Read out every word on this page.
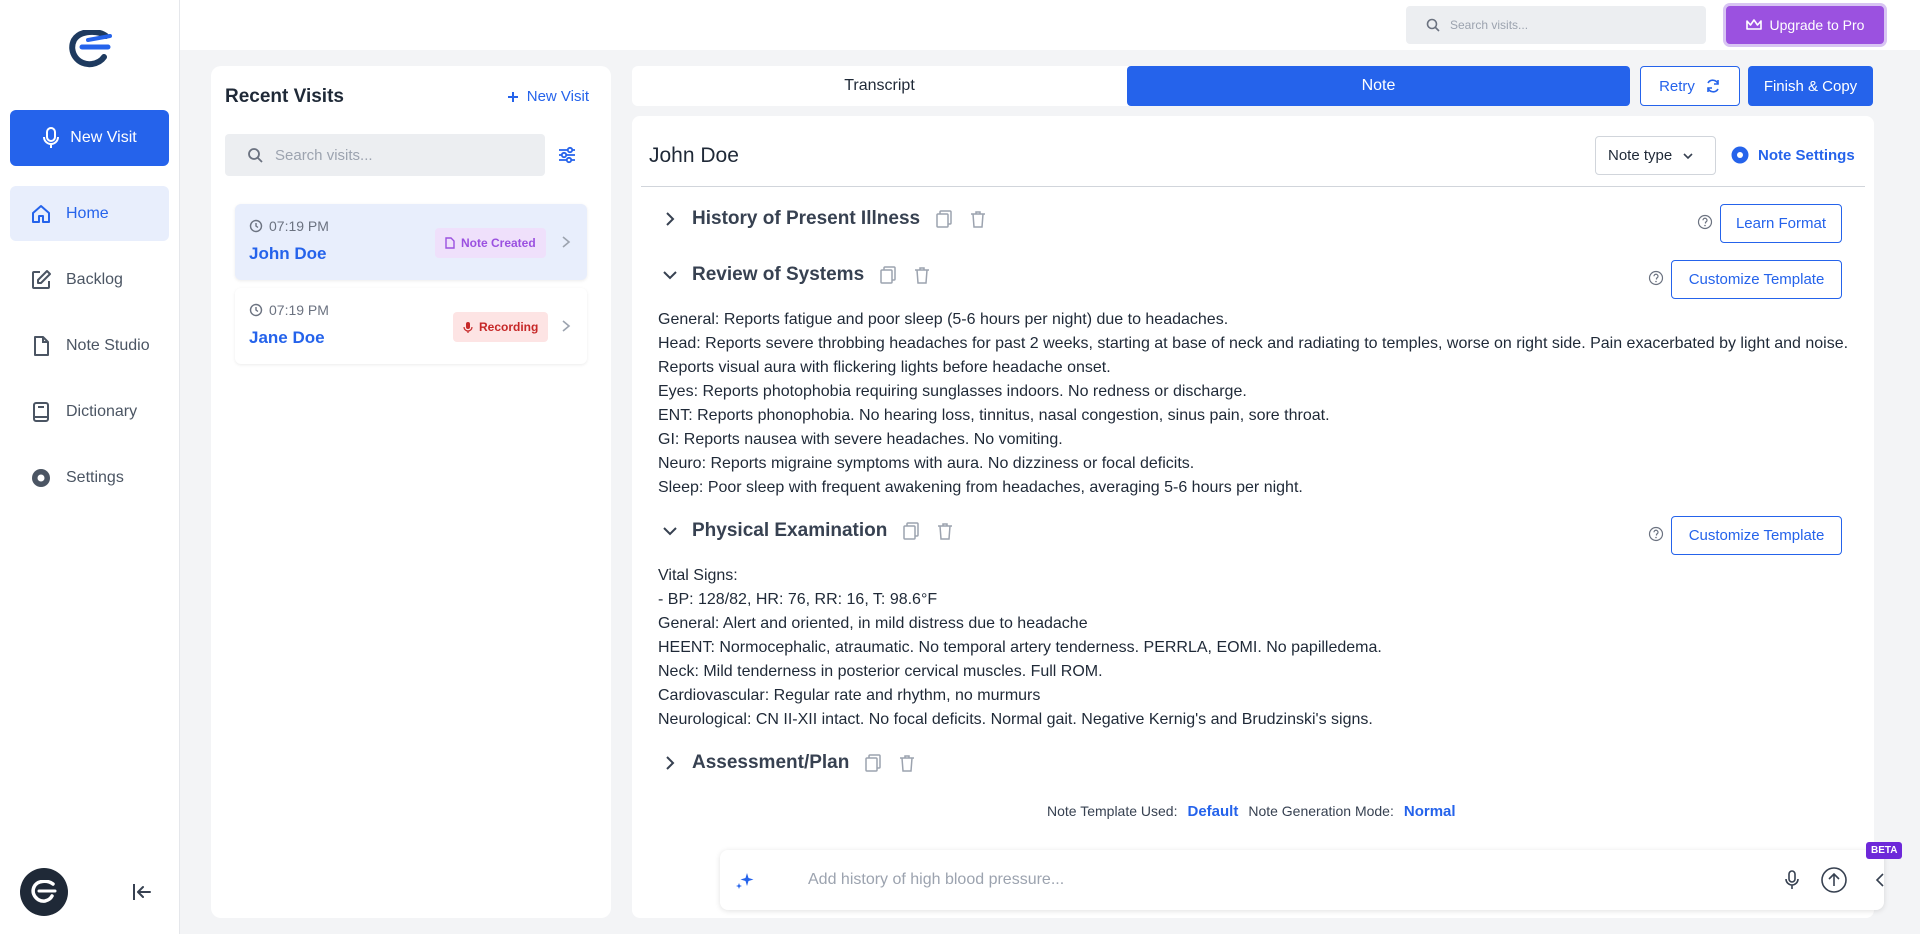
New Visit
Home
Backlog
Note Studio
Dictionary
Settings
Search visits...	Upgrade to Pro
Recent Visits	New Visit
Search visits...
07:19 PM
John Doe
Note Created
07:19 PM
Jane Doe
Recording
Transcript	Note	Retry	Finish & Copy
John Doe	Note type	Note Settings
History of Present Illness	Learn Format
Review of Systems	Customize Template

General: Reports fatigue and poor sleep (5-6 hours per night) due to headaches.

Head: Reports severe throbbing headaches for past 2 weeks, starting at base of neck and radiating to temples, worse on right side. Pain exacerbated by light and noise. Reports visual aura with flickering lights before headache onset.

Eyes: Reports photophobia requiring sunglasses indoors. No redness or discharge.

ENT: Reports phonophobia. No hearing loss, tinnitus, nasal congestion, sinus pain, sore throat.

GI: Reports nausea with severe headaches. No vomiting.

Neuro: Reports migraine symptoms with aura. No dizziness or focal deficits.

Sleep: Poor sleep with frequent awakening from headaches, averaging 5-6 hours per night.

Physical Examination	Customize Template

Vital Signs:

- BP: 128/82, HR: 76, RR: 16, T: 98.6°F

General: Alert and oriented, in mild distress due to headache

HEENT: Normocephalic, atraumatic. No temporal artery tenderness. PERRLA, EOMI. No papilledema.

Neck: Mild tenderness in posterior cervical muscles. Full ROM.

Cardiovascular: Regular rate and rhythm, no murmurs

Neurological: CN II-XII intact. No focal deficits. Normal gait. Negative Kernig's and Brudzinski's signs.

Assessment/Plan
Note Template Used: Default Note Generation Mode: Normal
Add history of high blood pressure...
BETA
